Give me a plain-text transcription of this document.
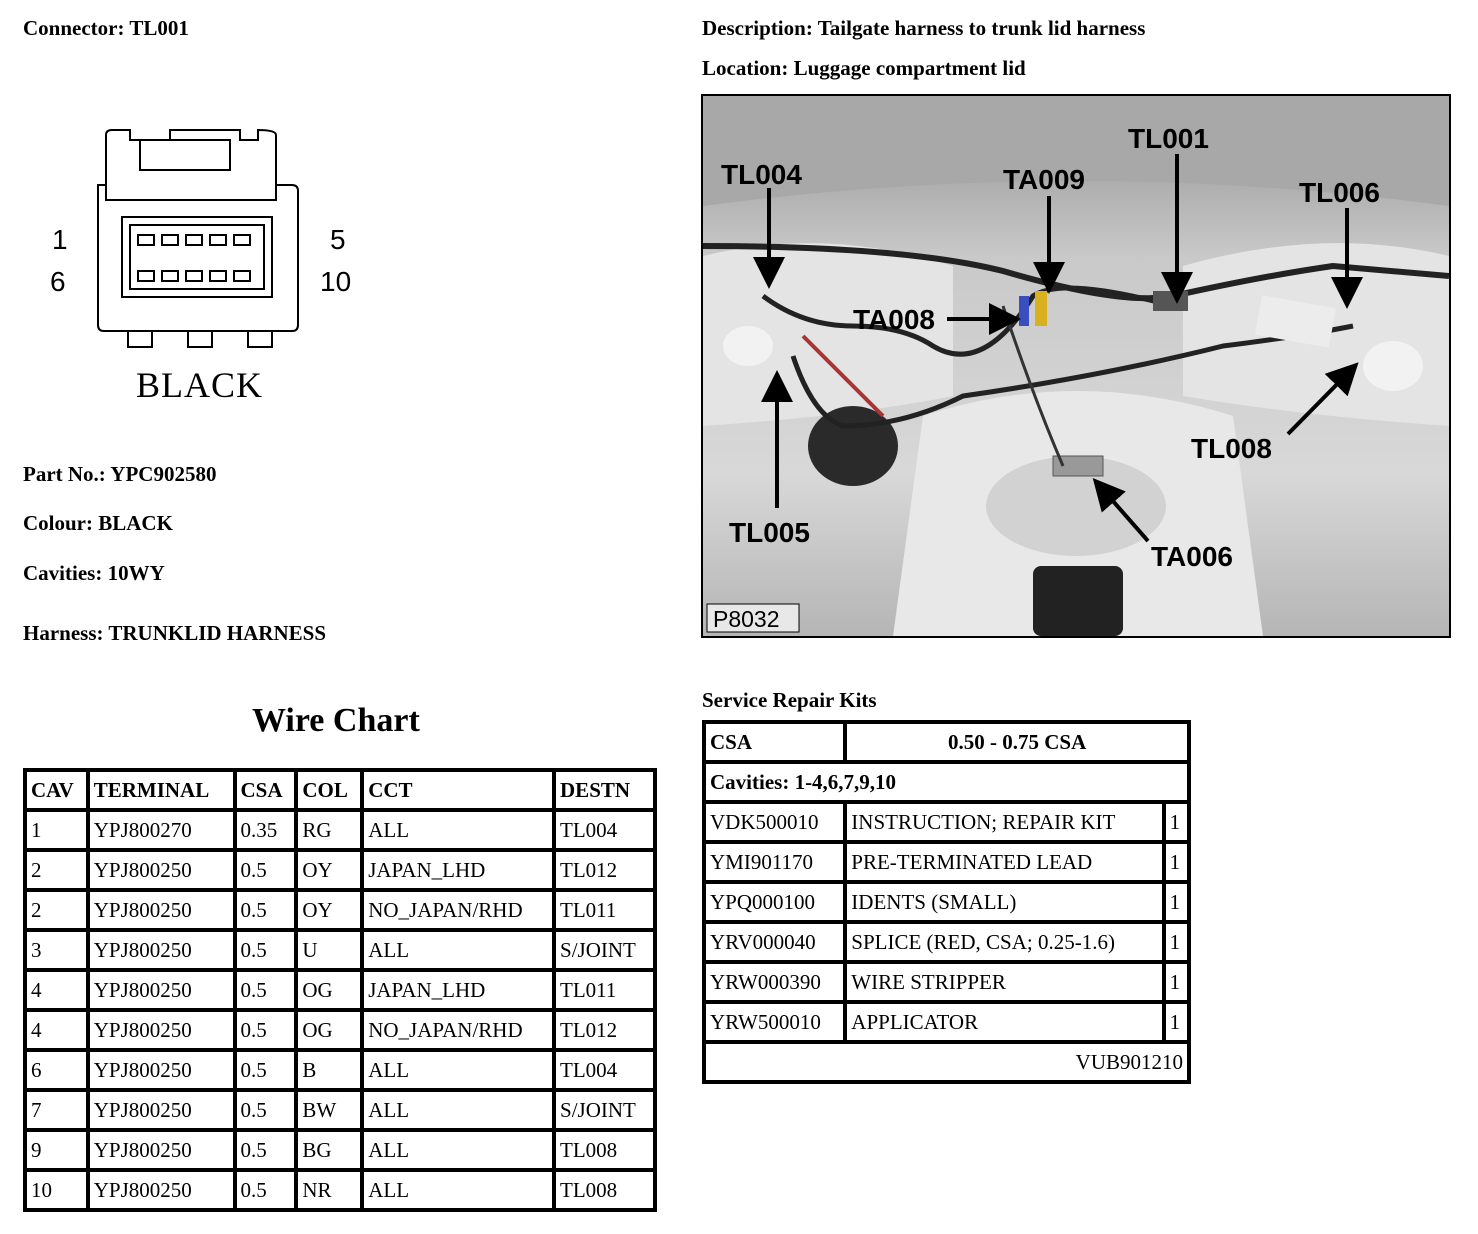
Connector: TL001	Description: Tailgate harness to trunk lid harness
Location: Luggage compartment lid
1
6
5
10
BLACK
Part No.: YPC902580
Colour: BLACK
Cavities: 10WY
Harness: TRUNKLID HARNESS
TL004	TA009
TL001
TL006
TA008
TL008
TL005
TA006
P8032
Wire Chart
CAV	TERMINAL	CSA	COL	CCT	DESTN
1	YPJ800270	0.35	RG	ALL	TL004
2	YPJ800250	0.5	OY	JAPAN_LHD	TL012
2	YPJ800250	0.5	OY	NO_JAPAN/RHD	TL011
3	YPJ800250	0.5	U	ALL	S/JOINT
4	YPJ800250	0.5	OG	JAPAN_LHD	TL011
4	YPJ800250	0.5	OG	NO_JAPAN/RHD	TL012
6	YPJ800250	0.5	B	ALL	TL004
7	YPJ800250	0.5	BW	ALL	S/JOINT
9	YPJ800250	0.5	BG	ALL	TL008
10	YPJ800250	0.5	NR	ALL	TL008
Service Repair Kits
CSA	0.50 - 0.75 CSA	
Cavities: 1-4,6,7,9,10		
VDK500010	INSTRUCTION; REPAIR KIT	1
YMI901170	PRE-TERMINATED LEAD	1
YPQ000100	IDENTS (SMALL)	1
YRV000040	SPLICE (RED, CSA; 0.25-1.6)	1
YRW000390	WIRE STRIPPER	1
YRW500010	APPLICATOR	1
VUB901210		
